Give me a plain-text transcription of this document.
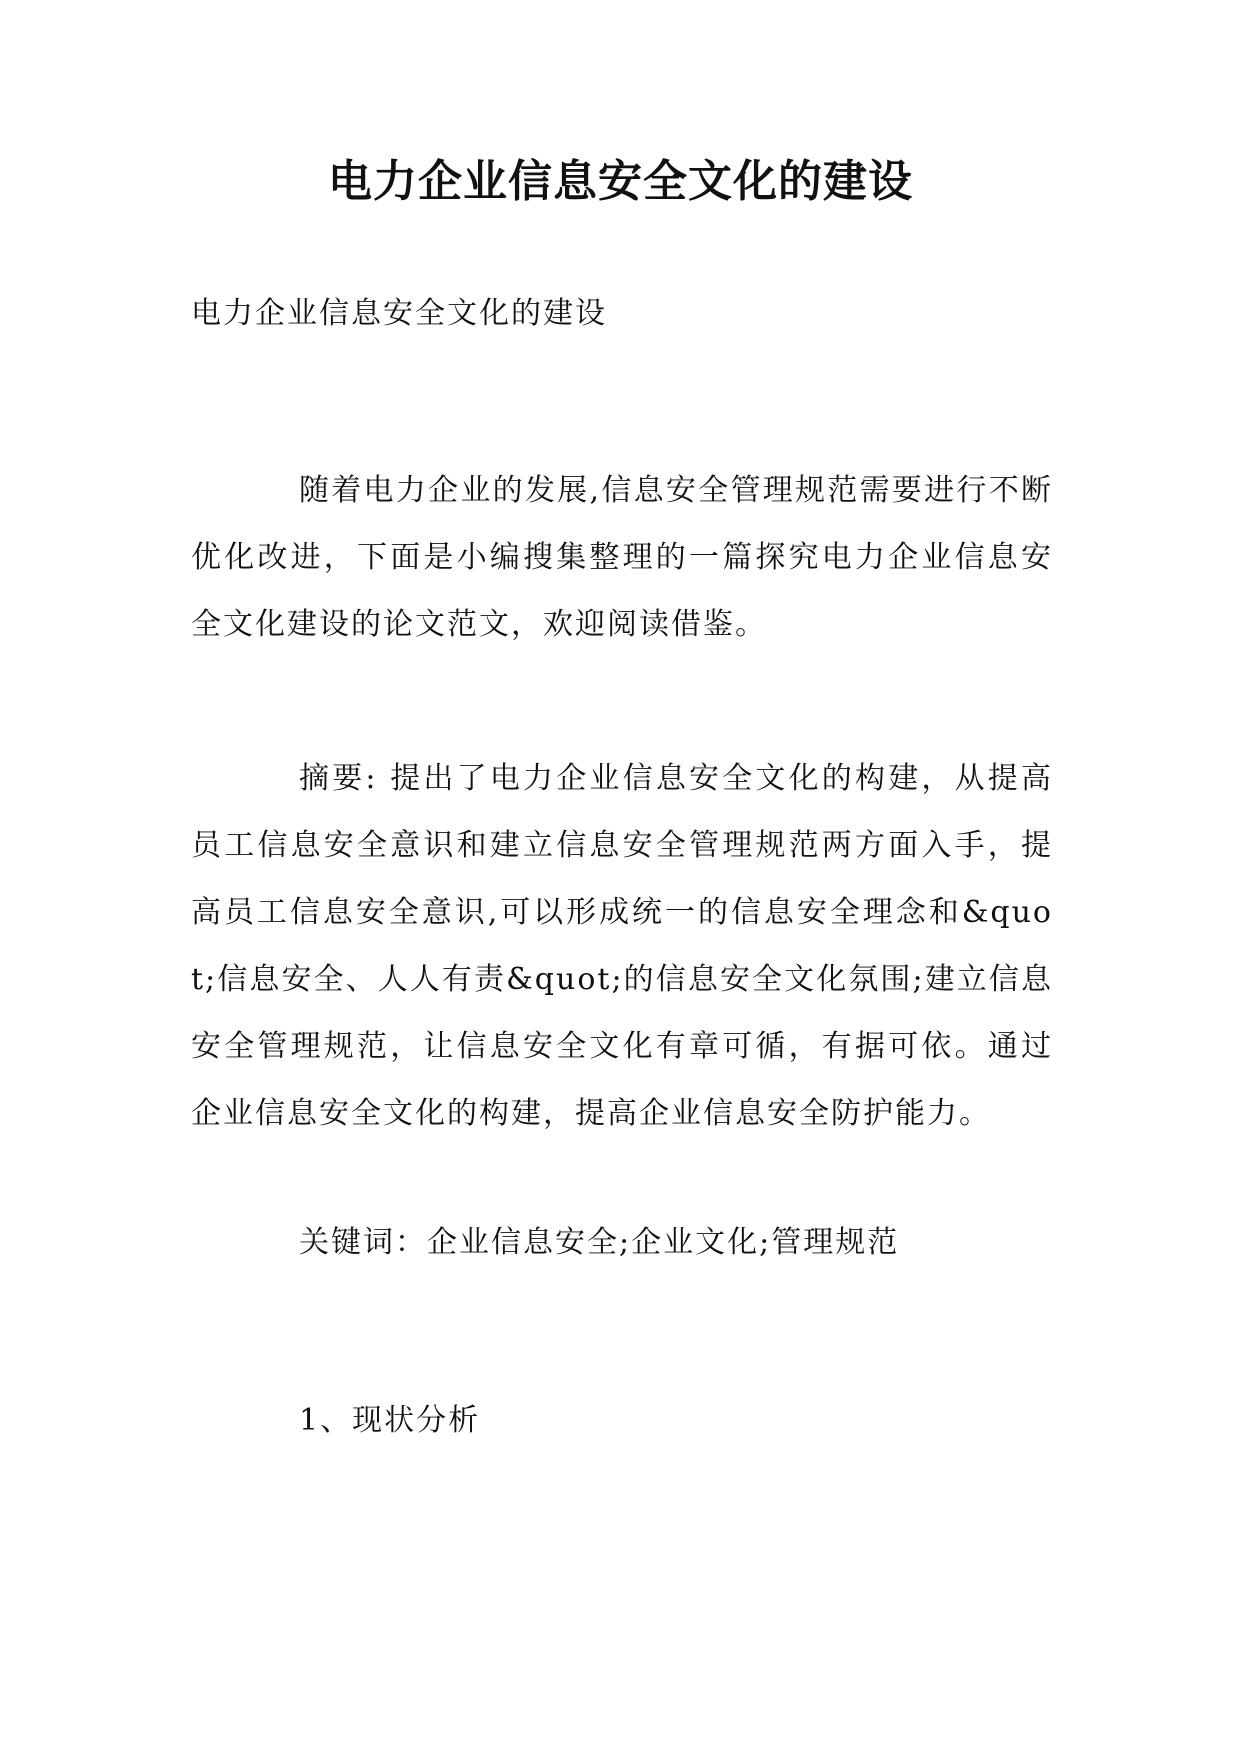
电力企业信息安全文化的建设
电力企业信息安全文化的建设
随着电力企业的发展,信息安全管理规范需要进行不断优化改进，下面是小编搜集整理的一篇探究电力企业信息安全文化建设的论文范文，欢迎阅读借鉴。
摘要: 提出了电力企业信息安全文化的构建，从提高员工信息安全意识和建立信息安全管理规范两方面入手，提高员工信息安全意识,可以形成统一的信息安全理念和&quot;信息安全、人人有责&quot;的信息安全文化氛围;建立信息安全管理规范，让信息安全文化有章可循，有据可依。通过企业信息安全文化的构建，提高企业信息安全防护能力。
关键词：企业信息安全;企业文化;管理规范
1、现状分析
